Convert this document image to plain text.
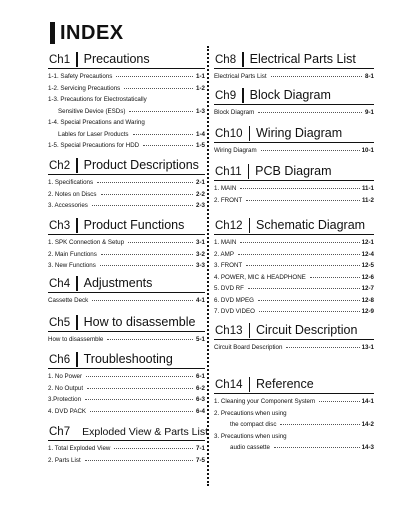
INDEX
Ch1	Precautions
1-1. Safety Precautions	1-1
1-2. Servicing Precautions	1-2
1-3. Precautions for Electrostatically
Sensitive Device (ESDs)	1-3
1-4. Special Precations and Waring
Lables for Laser Products	1-4
1-5. Special Precautions for HDD	1-5
Ch2	Product Descriptions
1. Specifications	2-1
2. Notes on Discs	2-2
3. Accessories	2-3
Ch3	Product Functions
1. SPK Connection & Setup	3-1
2. Main Functions	3-2
3. New Functions	3-3
Ch4	Adjustments
Cassette Deck	4-1
Ch5	How to disassemble
How to disassemble	5-1
Ch6	Troubleshooting
1. No Power	6-1
2. No Output	6-2
3.Protection	6-3
4. DVD PACK	6-4
Ch7	Exploded View & Parts List
1. Total Exploded View	7-1
2. Parts List	7-5
Ch8	Electrical Parts List
Electrical Parts List	8-1
Ch9	Block Diagram
Block Diagram	9-1
Ch10	Wiring Diagram
Wiring Diagram	10-1
Ch11	PCB Diagram
1. MAIN	11-1
2. FRONT	11-2
Ch12	Schematic Diagram
1. MAIN	12-1
2. AMP	12-4
3. FRONT	12-5
4. POWER, MIC & HEADPHONE	12-6
5. DVD RF	12-7
6. DVD MPEG	12-8
7. DVD VIDEO	12-9
Ch13	Circuit Description
Circuit Board Description	13-1
Ch14	Reference
1. Cleaning your Component System	14-1
2. Precautions when using
the compact disc	14-2
3. Precautions when using
audio cassette	14-3
